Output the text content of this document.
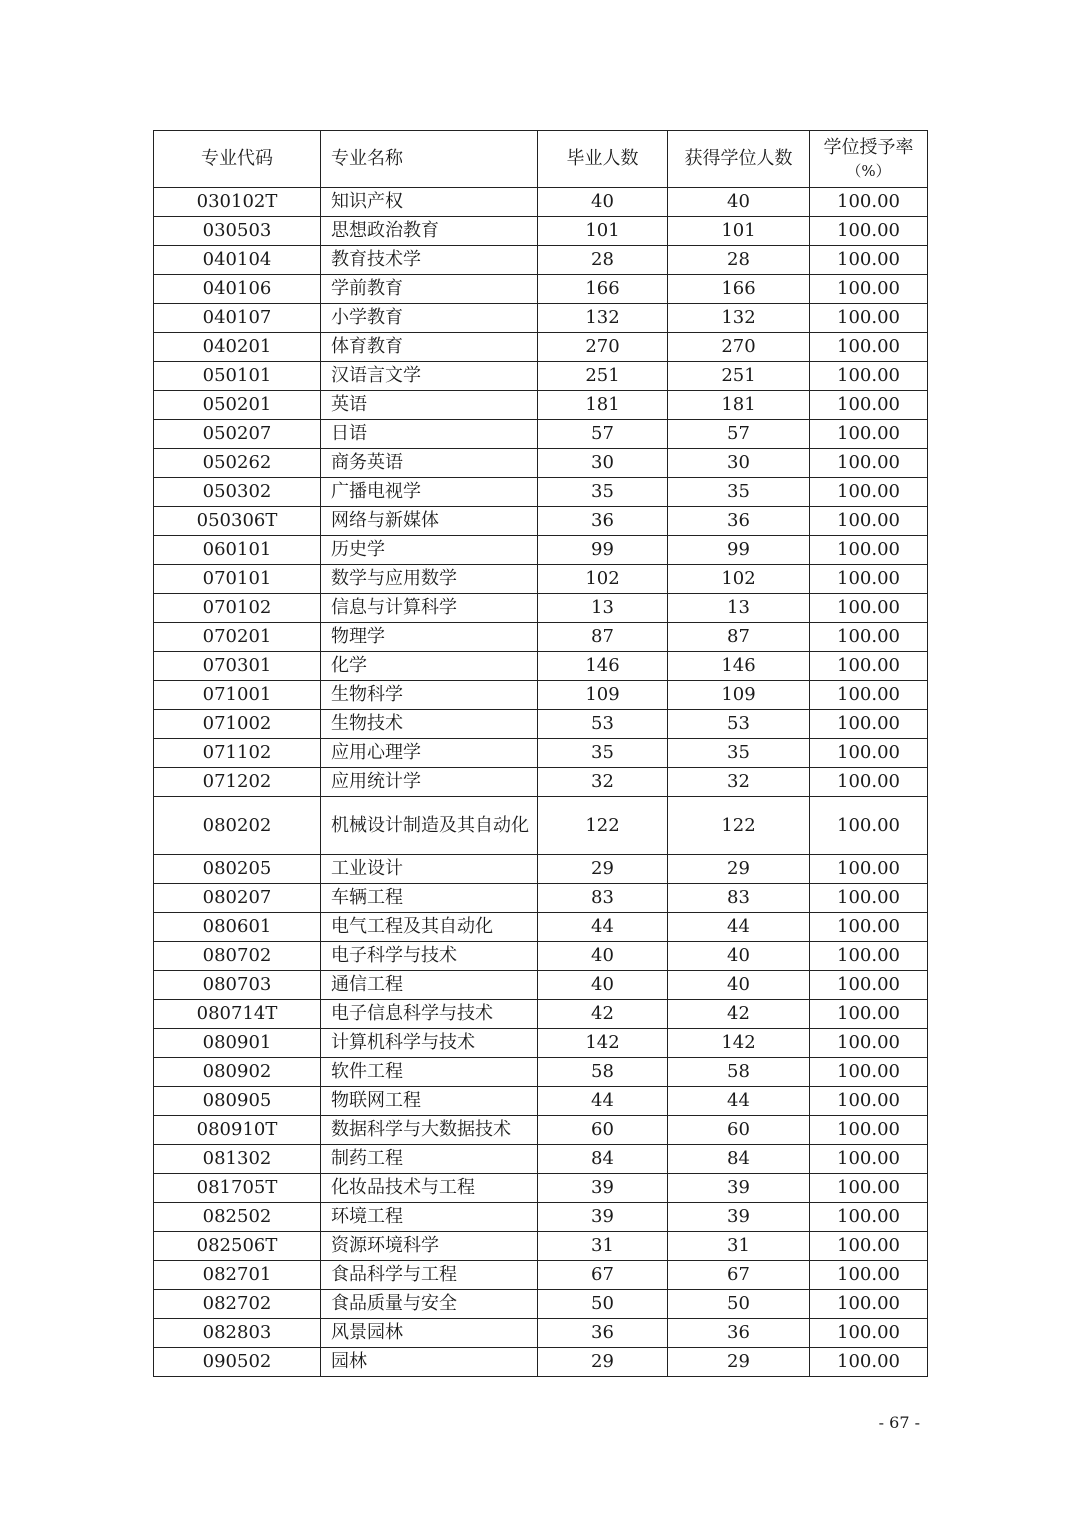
专业代码	专业名称	毕业人数	获得学位人数	学位授予率
（%）

030102T	知识产权	40	40	100.00
030503	思想政治教育	101	101	100.00
040104	教育技术学	28	28	100.00
040106	学前教育	166	166	100.00
040107	小学教育	132	132	100.00
040201	体育教育	270	270	100.00
050101	汉语言文学	251	251	100.00
050201	英语	181	181	100.00
050207	日语	57	57	100.00
050262	商务英语	30	30	100.00
050302	广播电视学	35	35	100.00
050306T	网络与新媒体	36	36	100.00
060101	历史学	99	99	100.00
070101	数学与应用数学	102	102	100.00
070102	信息与计算科学	13	13	100.00
070201	物理学	87	87	100.00
070301	化学	146	146	100.00
071001	生物科学	109	109	100.00
071002	生物技术	53	53	100.00
071102	应用心理学	35	35	100.00
071202	应用统计学	32	32	100.00
080202	机械设计制造及其自动化	122	122	100.00
080205	工业设计	29	29	100.00
080207	车辆工程	83	83	100.00
080601	电气工程及其自动化	44	44	100.00
080702	电子科学与技术	40	40	100.00
080703	通信工程	40	40	100.00
080714T	电子信息科学与技术	42	42	100.00
080901	计算机科学与技术	142	142	100.00
080902	软件工程	58	58	100.00
080905	物联网工程	44	44	100.00
080910T	数据科学与大数据技术	60	60	100.00
081302	制药工程	84	84	100.00
081705T	化妆品技术与工程	39	39	100.00
082502	环境工程	39	39	100.00
082506T	资源环境科学	31	31	100.00
082701	食品科学与工程	67	67	100.00
082702	食品质量与安全	50	50	100.00
082803	风景园林	36	36	100.00
090502	园林	29	29	100.00
- 67 -
